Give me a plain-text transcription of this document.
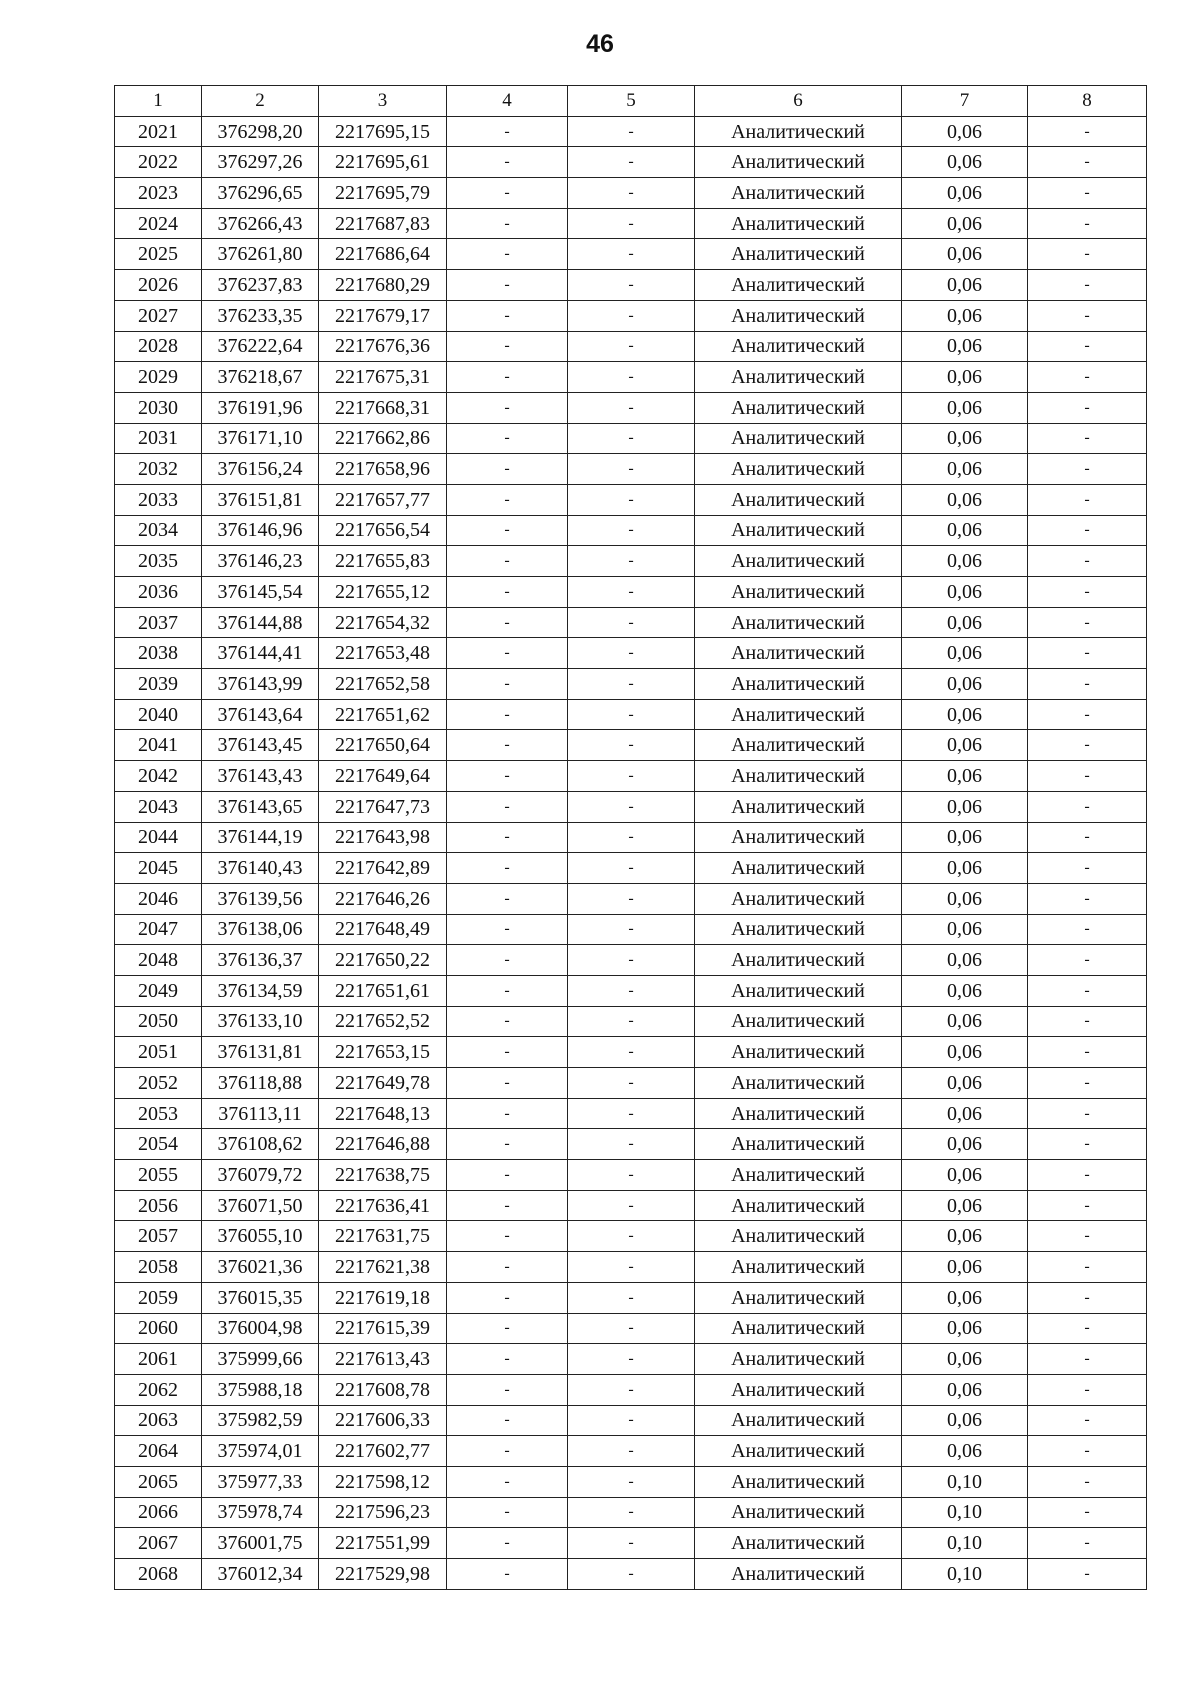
46
1	2	3	4	5	6	7	8
2021	376298,20	2217695,15	-	-	Аналитический	0,06	-
2022	376297,26	2217695,61	-	-	Аналитический	0,06	-
2023	376296,65	2217695,79	-	-	Аналитический	0,06	-
2024	376266,43	2217687,83	-	-	Аналитический	0,06	-
2025	376261,80	2217686,64	-	-	Аналитический	0,06	-
2026	376237,83	2217680,29	-	-	Аналитический	0,06	-
2027	376233,35	2217679,17	-	-	Аналитический	0,06	-
2028	376222,64	2217676,36	-	-	Аналитический	0,06	-
2029	376218,67	2217675,31	-	-	Аналитический	0,06	-
2030	376191,96	2217668,31	-	-	Аналитический	0,06	-
2031	376171,10	2217662,86	-	-	Аналитический	0,06	-
2032	376156,24	2217658,96	-	-	Аналитический	0,06	-
2033	376151,81	2217657,77	-	-	Аналитический	0,06	-
2034	376146,96	2217656,54	-	-	Аналитический	0,06	-
2035	376146,23	2217655,83	-	-	Аналитический	0,06	-
2036	376145,54	2217655,12	-	-	Аналитический	0,06	-
2037	376144,88	2217654,32	-	-	Аналитический	0,06	-
2038	376144,41	2217653,48	-	-	Аналитический	0,06	-
2039	376143,99	2217652,58	-	-	Аналитический	0,06	-
2040	376143,64	2217651,62	-	-	Аналитический	0,06	-
2041	376143,45	2217650,64	-	-	Аналитический	0,06	-
2042	376143,43	2217649,64	-	-	Аналитический	0,06	-
2043	376143,65	2217647,73	-	-	Аналитический	0,06	-
2044	376144,19	2217643,98	-	-	Аналитический	0,06	-
2045	376140,43	2217642,89	-	-	Аналитический	0,06	-
2046	376139,56	2217646,26	-	-	Аналитический	0,06	-
2047	376138,06	2217648,49	-	-	Аналитический	0,06	-
2048	376136,37	2217650,22	-	-	Аналитический	0,06	-
2049	376134,59	2217651,61	-	-	Аналитический	0,06	-
2050	376133,10	2217652,52	-	-	Аналитический	0,06	-
2051	376131,81	2217653,15	-	-	Аналитический	0,06	-
2052	376118,88	2217649,78	-	-	Аналитический	0,06	-
2053	376113,11	2217648,13	-	-	Аналитический	0,06	-
2054	376108,62	2217646,88	-	-	Аналитический	0,06	-
2055	376079,72	2217638,75	-	-	Аналитический	0,06	-
2056	376071,50	2217636,41	-	-	Аналитический	0,06	-
2057	376055,10	2217631,75	-	-	Аналитический	0,06	-
2058	376021,36	2217621,38	-	-	Аналитический	0,06	-
2059	376015,35	2217619,18	-	-	Аналитический	0,06	-
2060	376004,98	2217615,39	-	-	Аналитический	0,06	-
2061	375999,66	2217613,43	-	-	Аналитический	0,06	-
2062	375988,18	2217608,78	-	-	Аналитический	0,06	-
2063	375982,59	2217606,33	-	-	Аналитический	0,06	-
2064	375974,01	2217602,77	-	-	Аналитический	0,06	-
2065	375977,33	2217598,12	-	-	Аналитический	0,10	-
2066	375978,74	2217596,23	-	-	Аналитический	0,10	-
2067	376001,75	2217551,99	-	-	Аналитический	0,10	-
2068	376012,34	2217529,98	-	-	Аналитический	0,10	-
